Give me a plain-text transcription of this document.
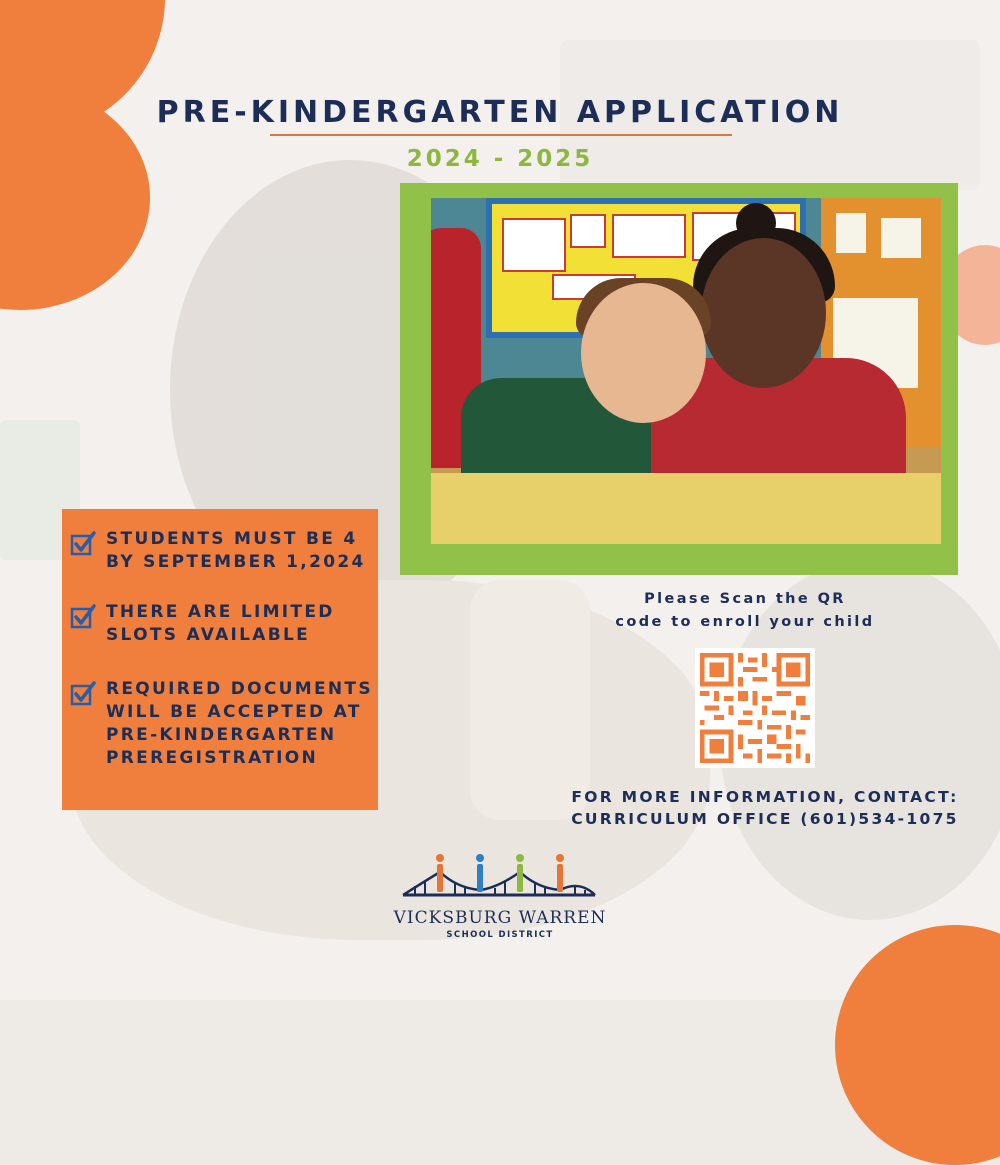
PRE-KINDERGARTEN APPLICATION
2024 - 2025
STUDENTS MUST BE 4
BY SEPTEMBER 1,2024
THERE ARE LIMITED
SLOTS AVAILABLE
REQUIRED DOCUMENTS
WILL BE ACCEPTED AT
PRE-KINDERGARTEN
PREREGISTRATION
Please Scan the QR
code to enroll your child
FOR MORE INFORMATION, CONTACT:
CURRICULUM OFFICE (601)534-1075
VICKSBURG WARREN
SCHOOL DISTRICT
